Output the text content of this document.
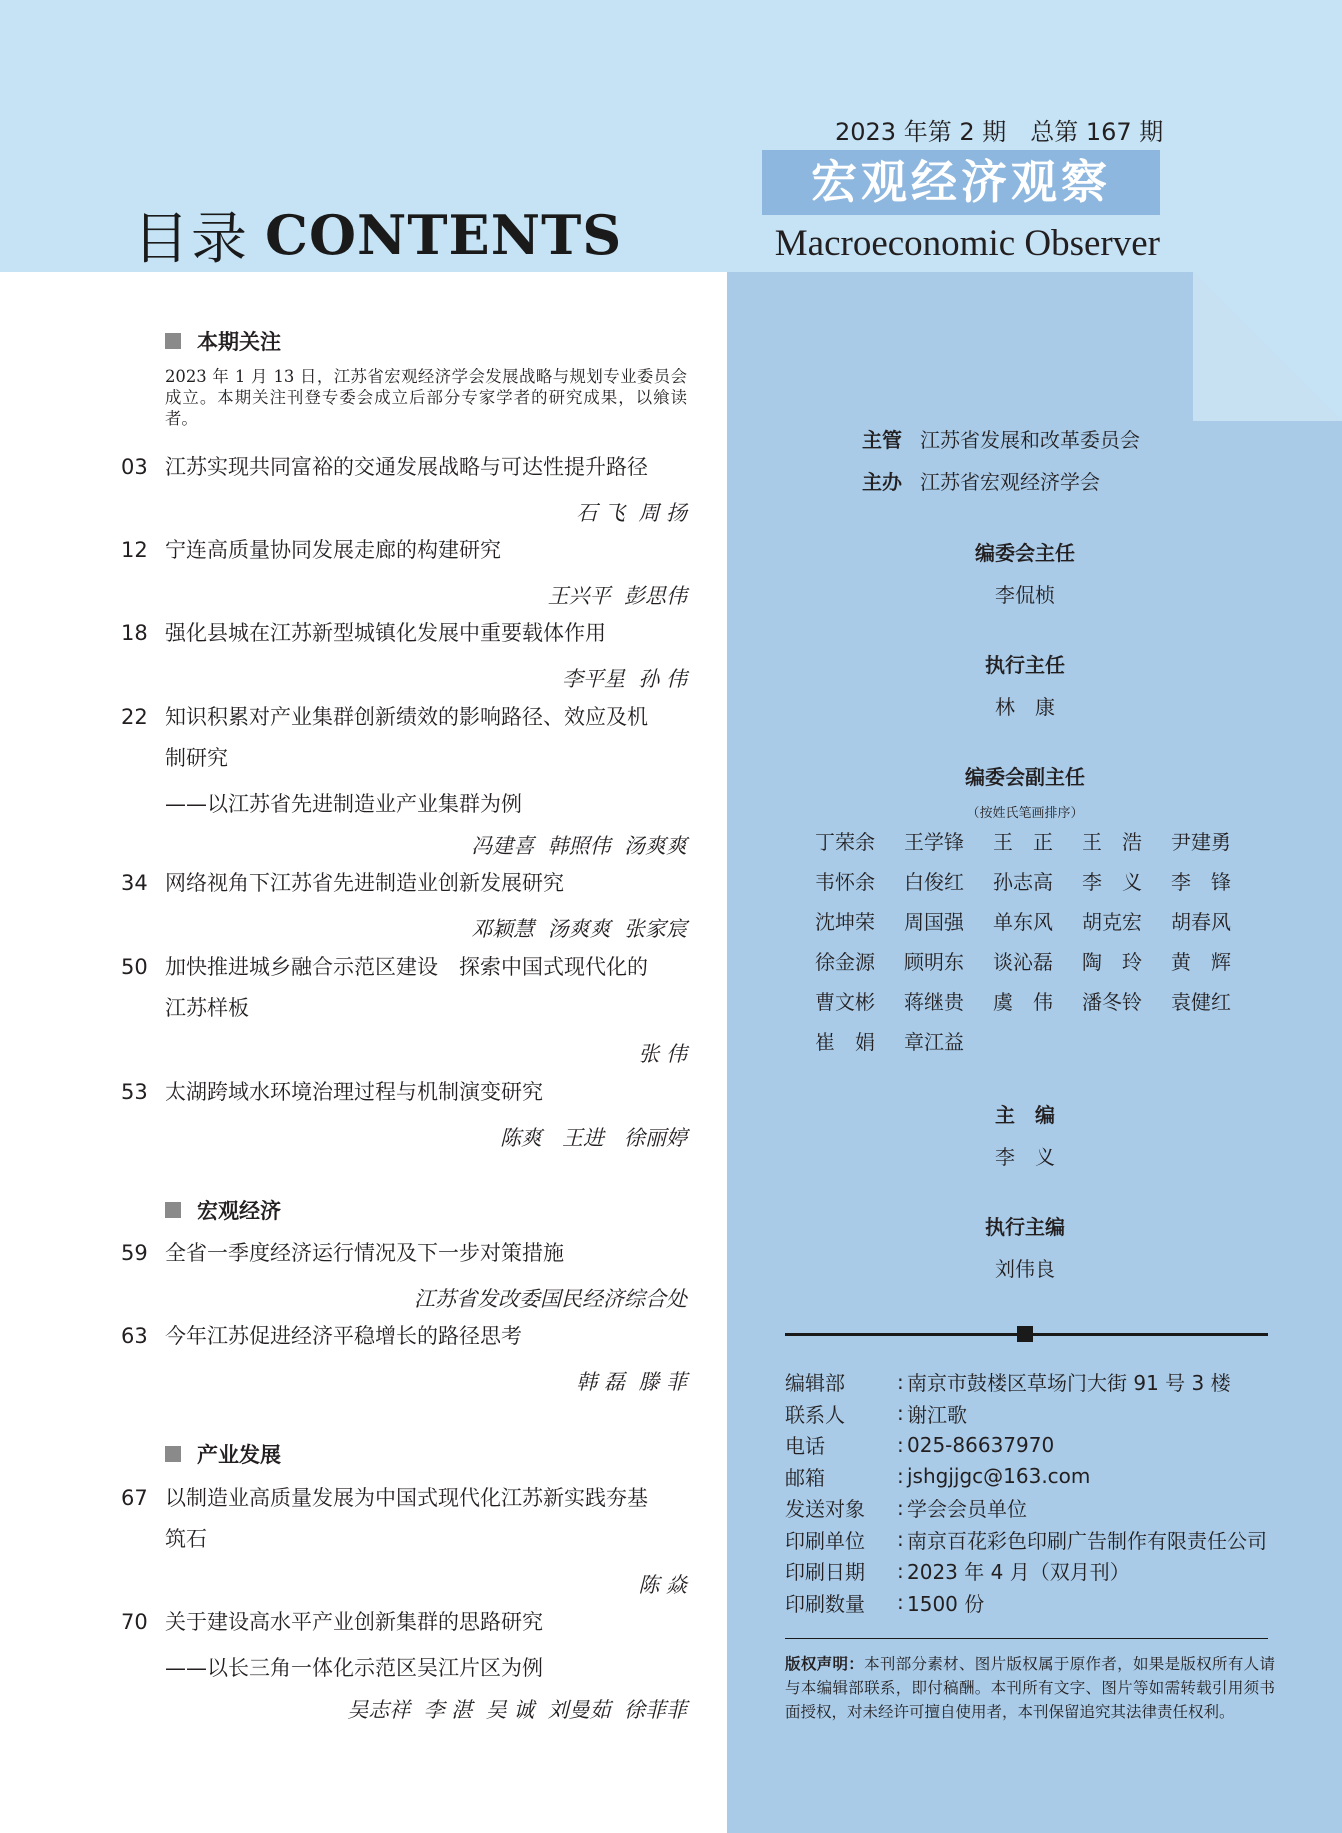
目录 CONTENTS
2023 年第 2 期　总第 167 期
宏观经济观察
Macroeconomic Observer
本期关注
2023 年 1 月 13 日，江苏省宏观经济学会发展战略与规划专业委员会成立。本期关注刊登专委会成立后部分专家学者的研究成果，以飨读者。
03 江苏实现共同富裕的交通发展战略与可达性提升路径
石 飞  周 扬
12 宁连高质量协同发展走廊的构建研究
王兴平  彭思伟
18 强化县城在江苏新型城镇化发展中重要载体作用
李平星  孙 伟
22 知识积累对产业集群创新绩效的影响路径、效应及机
制研究
——以江苏省先进制造业产业集群为例
冯建喜  韩照伟  汤爽爽
34 网络视角下江苏省先进制造业创新发展研究
邓颖慧  汤爽爽  张家宸
50 加快推进城乡融合示范区建设　探索中国式现代化的
江苏样板
张 伟
53 太湖跨域水环境治理过程与机制演变研究
陈爽   王进   徐丽婷
宏观经济
59 全省一季度经济运行情况及下一步对策措施
江苏省发改委国民经济综合处
63 今年江苏促进经济平稳增长的路径思考
韩 磊  滕 菲
产业发展
67 以制造业高质量发展为中国式现代化江苏新实践夯基
筑石
陈 焱
70 关于建设高水平产业创新集群的思路研究
——以长三角一体化示范区吴江片区为例
吴志祥  李 湛  吴 诚  刘曼茹  徐菲菲
主管 江苏省发展和改革委员会
主办 江苏省宏观经济学会
编委会主任
李侃桢
执行主任
林　康
编委会副主任
（按姓氏笔画排序）
丁荣余	王学锋	王　正	王　浩	尹建勇
韦怀余	白俊红	孙志高	李　义	李　锋
沈坤荣	周国强	单东风	胡克宏	胡春风
徐金源	顾明东	谈沁磊	陶　玲	黄　辉
曹文彬	蒋继贵	虞　伟	潘冬铃	袁健红
崔　娟	章江益
主　编
李　义
执行主编
刘伟良
编辑部	: 南京市鼓楼区草场门大街 91 号 3 楼
联系人	: 谢江歌
电话	: 025-86637970
邮箱	: jshgjjgc@163.com
发送对象	: 学会会员单位
印刷单位	: 南京百花彩色印刷广告制作有限责任公司
印刷日期	: 2023 年 4 月（双月刊）
印刷数量	: 1500 份
版权声明：本刊部分素材、图片版权属于原作者，如果是版权所有人请与本编辑部联系，即付稿酬。本刊所有文字、图片等如需转载引用须书面授权，对未经许可擅自使用者，本刊保留追究其法律责任权利。
